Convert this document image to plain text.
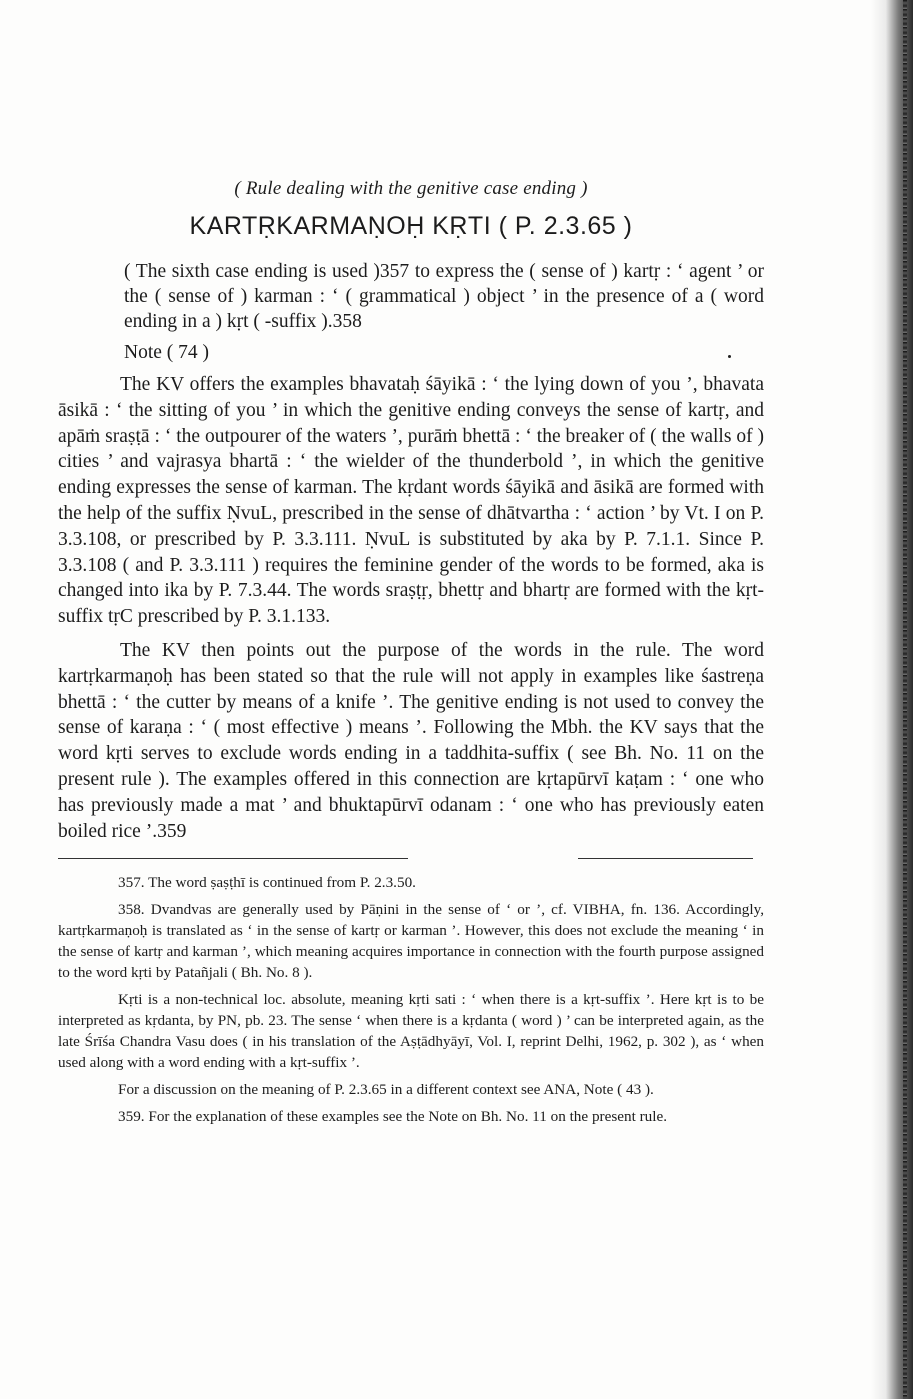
( Rule dealing with the genitive case ending )
KARTṚKARMAṆOḤ KṚTI ( P. 2.3.65 )
( The sixth case ending is used )357 to express the ( sense of ) kartṛ : ‘ agent ’ or the ( sense of ) karman : ‘ ( grammatical ) object ’ in the presence of a ( word ending in a ) kṛt ( -suffix ).358
Note ( 74 )
The KV offers the examples bhavataḥ śāyikā : ‘ the lying down of you ’, bhavata āsikā : ‘ the sitting of you ’ in which the genitive ending conveys the sense of kartṛ, and apāṁ sraṣṭā : ‘ the outpourer of the waters ’, purāṁ bhettā : ‘ the breaker of ( the walls of ) cities ’ and vajrasya bhartā : ‘ the wielder of the thunderbold ’, in which the genitive ending expresses the sense of karman. The kṛdant words śāyikā and āsikā are formed with the help of the suffix ṆvuL, prescribed in the sense of dhātvartha : ‘ action ’ by Vt. I on P. 3.3.108, or prescribed by P. 3.3.111. ṆvuL is substituted by aka by P. 7.1.1. Since P. 3.3.108 ( and P. 3.3.111 ) requires the feminine gender of the words to be formed, aka is changed into ika by P. 7.3.44. The words sraṣṭṛ, bhettṛ and bhartṛ are formed with the kṛt-suffix tṛC prescribed by P. 3.1.133.
The KV then points out the purpose of the words in the rule. The word kartṛkarmaṇoḥ has been stated so that the rule will not apply in examples like śastreṇa bhettā : ‘ the cutter by means of a knife ’. The genitive ending is not used to convey the sense of karaṇa : ‘ ( most effective ) means ’. Following the Mbh. the KV says that the word kṛti serves to exclude words ending in a taddhita-suffix ( see Bh. No. 11 on the present rule ). The examples offered in this connection are kṛtapūrvī kaṭam : ‘ one who has previously made a mat ’ and bhuktapūrvī odanam : ‘ one who has previously eaten boiled rice ’.359
357. The word ṣaṣṭhī is continued from P. 2.3.50.
358. Dvandvas are generally used by Pāṇini in the sense of ‘ or ’, cf. VIBHA, fn. 136. Accordingly, kartṛkarmaṇoḥ is translated as ‘ in the sense of kartṛ or karman ’. However, this does not exclude the meaning ‘ in the sense of kartṛ and karman ’, which meaning acquires importance in connection with the fourth purpose assigned to the word kṛti by Patañjali ( Bh. No. 8 ).
Kṛti is a non-technical loc. absolute, meaning kṛti sati : ‘ when there is a kṛt-suffix ’. Here kṛt is to be interpreted as kṛdanta, by PN, pb. 23. The sense ‘ when there is a kṛdanta ( word ) ’ can be interpreted again, as the late Śrīśa Chandra Vasu does ( in his translation of the Aṣṭādhyāyī, Vol. I, reprint Delhi, 1962, p. 302 ), as ‘ when used along with a word ending with a kṛt-suffix ’.
For a discussion on the meaning of P. 2.3.65 in a different context see ANA, Note ( 43 ).
359. For the explanation of these examples see the Note on Bh. No. 11 on the present rule.
